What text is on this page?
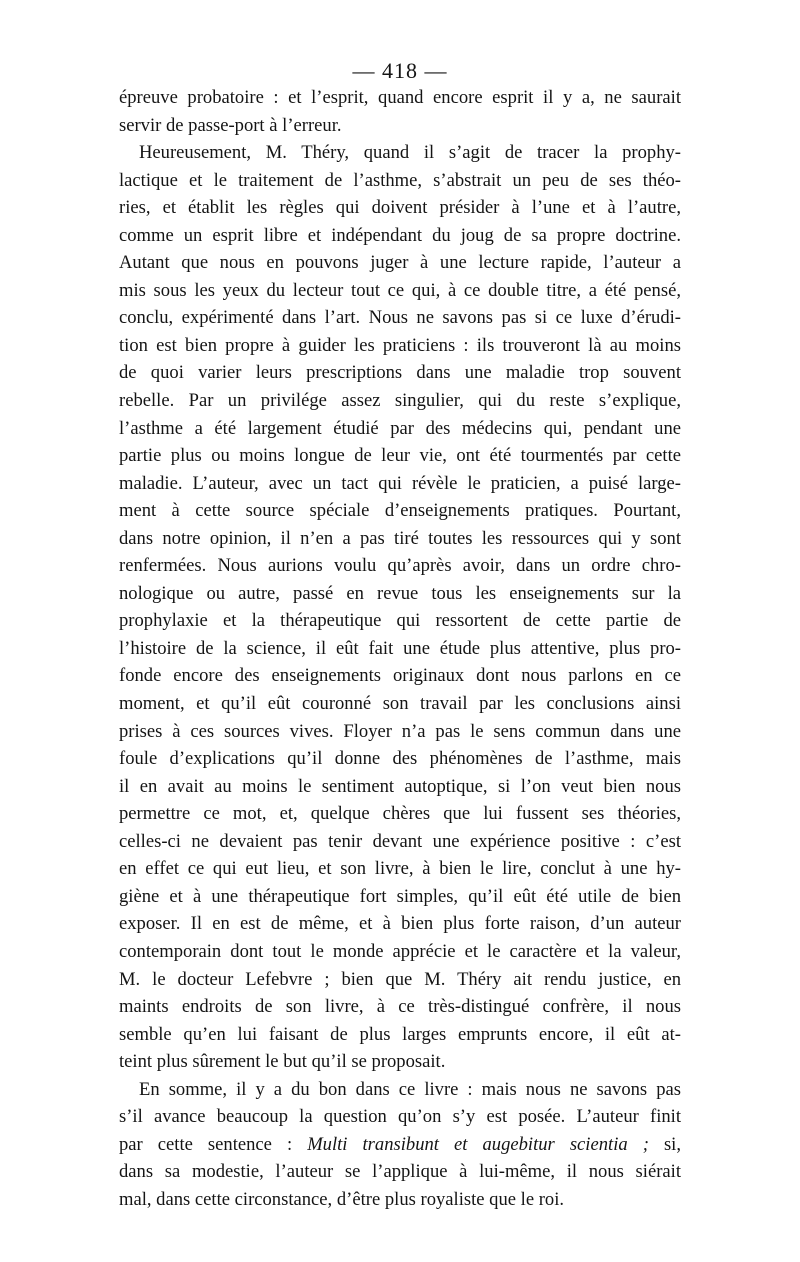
— 418 —
épreuve probatoire : et l’esprit, quand encore esprit il y a, ne saurait
servir de passe-port à l’erreur.
Heureusement, M. Théry, quand il s’agit de tracer la prophy-
lactique et le traitement de l’asthme, s’abstrait un peu de ses théo-
ries, et établit les règles qui doivent présider à l’une et à l’autre,
comme un esprit libre et indépendant du joug de sa propre doctrine.
Autant que nous en pouvons juger à une lecture rapide, l’auteur a
mis sous les yeux du lecteur tout ce qui, à ce double titre, a été pensé,
conclu, expérimenté dans l’art. Nous ne savons pas si ce luxe d’érudi-
tion est bien propre à guider les praticiens : ils trouveront là au moins
de quoi varier leurs prescriptions dans une maladie trop souvent
rebelle. Par un privilége assez singulier, qui du reste s’explique,
l’asthme a été largement étudié par des médecins qui, pendant une
partie plus ou moins longue de leur vie, ont été tourmentés par cette
maladie. L’auteur, avec un tact qui révèle le praticien, a puisé large-
ment à cette source spéciale d’enseignements pratiques. Pourtant,
dans notre opinion, il n’en a pas tiré toutes les ressources qui y sont
renfermées. Nous aurions voulu qu’après avoir, dans un ordre chro-
nologique ou autre, passé en revue tous les enseignements sur la
prophylaxie et la thérapeutique qui ressortent de cette partie de
l’histoire de la science, il eût fait une étude plus attentive, plus pro-
fonde encore des enseignements originaux dont nous parlons en ce
moment, et qu’il eût couronné son travail par les conclusions ainsi
prises à ces sources vives. Floyer n’a pas le sens commun dans une
foule d’explications qu’il donne des phénomènes de l’asthme, mais
il en avait au moins le sentiment autoptique, si l’on veut bien nous
permettre ce mot, et, quelque chères que lui fussent ses théories,
celles-ci ne devaient pas tenir devant une expérience positive : c’est
en effet ce qui eut lieu, et son livre, à bien le lire, conclut à une hy-
giène et à une thérapeutique fort simples, qu’il eût été utile de bien
exposer. Il en est de même, et à bien plus forte raison, d’un auteur
contemporain dont tout le monde apprécie et le caractère et la valeur,
M. le docteur Lefebvre ; bien que M. Théry ait rendu justice, en
maints endroits de son livre, à ce très-distingué confrère, il nous
semble qu’en lui faisant de plus larges emprunts encore, il eût at-
teint plus sûrement le but qu’il se proposait.
En somme, il y a du bon dans ce livre : mais nous ne savons pas
s’il avance beaucoup la question qu’on s’y est posée. L’auteur finit
par cette sentence : Multi transibunt et augebitur scientia ; si,
dans sa modestie, l’auteur se l’applique à lui-même, il nous siérait
mal, dans cette circonstance, d’être plus royaliste que le roi.
